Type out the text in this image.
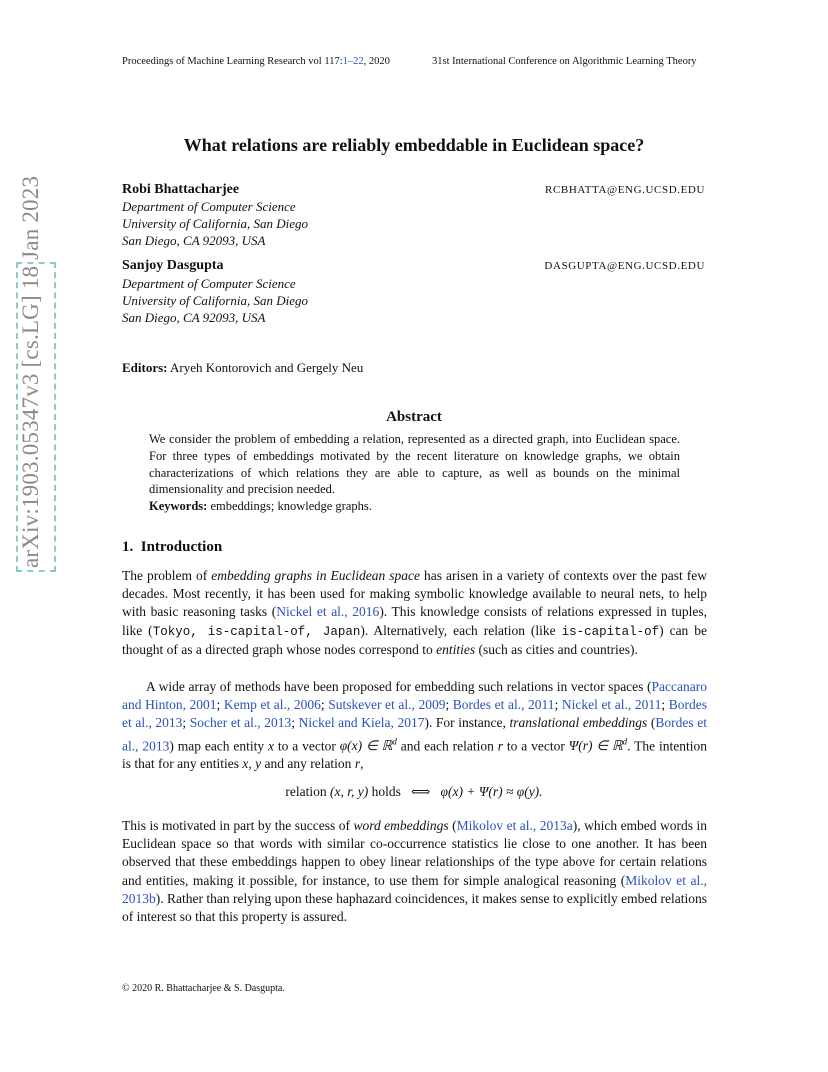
Proceedings of Machine Learning Research vol 117:1–22, 2020	31st International Conference on Algorithmic Learning Theory
arXiv:1903.05347v3 [cs.LG] 18 Jan 2023
What relations are reliably embeddable in Euclidean space?
Robi Bhattacharjee	RCBHATTA@ENG.UCSD.EDU
Department of Computer Science
University of California, San Diego
San Diego, CA 92093, USA
Sanjoy Dasgupta	DASGUPTA@ENG.UCSD.EDU
Department of Computer Science
University of California, San Diego
San Diego, CA 92093, USA
Editors: Aryeh Kontorovich and Gergely Neu
Abstract
We consider the problem of embedding a relation, represented as a directed graph, into Euclidean space. For three types of embeddings motivated by the recent literature on knowledge graphs, we obtain characterizations of which relations they are able to capture, as well as bounds on the minimal dimensionality and precision needed.
Keywords: embeddings; knowledge graphs.
1. Introduction
The problem of embedding graphs in Euclidean space has arisen in a variety of contexts over the past few decades. Most recently, it has been used for making symbolic knowledge available to neural nets, to help with basic reasoning tasks (Nickel et al., 2016). This knowledge consists of relations expressed in tuples, like (Tokyo, is-capital-of, Japan). Alternatively, each relation (like is-capital-of) can be thought of as a directed graph whose nodes correspond to entities (such as cities and countries).
A wide array of methods have been proposed for embedding such relations in vector spaces (Paccanaro and Hinton, 2001; Kemp et al., 2006; Sutskever et al., 2009; Bordes et al., 2011; Nickel et al., 2011; Bordes et al., 2013; Socher et al., 2013; Nickel and Kiela, 2017). For instance, translational embeddings (Bordes et al., 2013) map each entity x to a vector φ(x) ∈ ℝ$^d$ and each relation r to a vector Ψ(r) ∈ ℝ$^d$. The intention is that for any entities x, y and any relation r,
relation (x, r, y) holds ⟺ φ(x) + Ψ(r) ≈ φ(y).
This is motivated in part by the success of word embeddings (Mikolov et al., 2013a), which embed words in Euclidean space so that words with similar co-occurrence statistics lie close to one another. It has been observed that these embeddings happen to obey linear relationships of the type above for certain relations and entities, making it possible, for instance, to use them for simple analogical reasoning (Mikolov et al., 2013b). Rather than relying upon these haphazard coincidences, it makes sense to explicitly embed relations of interest so that this property is assured.
© 2020 R. Bhattacharjee & S. Dasgupta.
